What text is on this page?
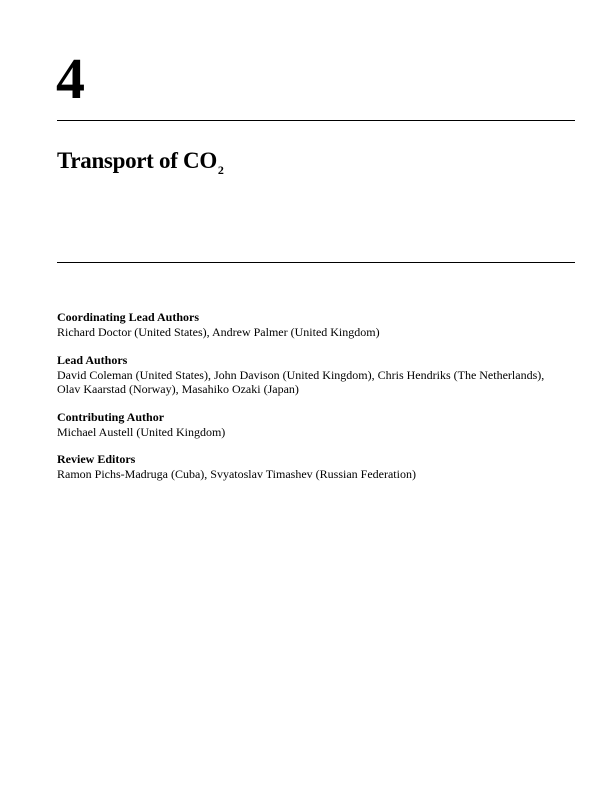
4
Transport of $CO_2$

Coordinating Lead Authors

Richard Doctor (United States), Andrew Palmer (United Kingdom)

Lead Authors

David Coleman (United States), John Davison (United Kingdom), Chris Hendriks (The Netherlands),

Olav Kaarstad (Norway), Masahiko Ozaki (Japan)

Contributing Author

Michael Austell (United Kingdom)

Review Editors

Ramon Pichs-Madruga (Cuba), Svyatoslav Timashev (Russian Federation)
